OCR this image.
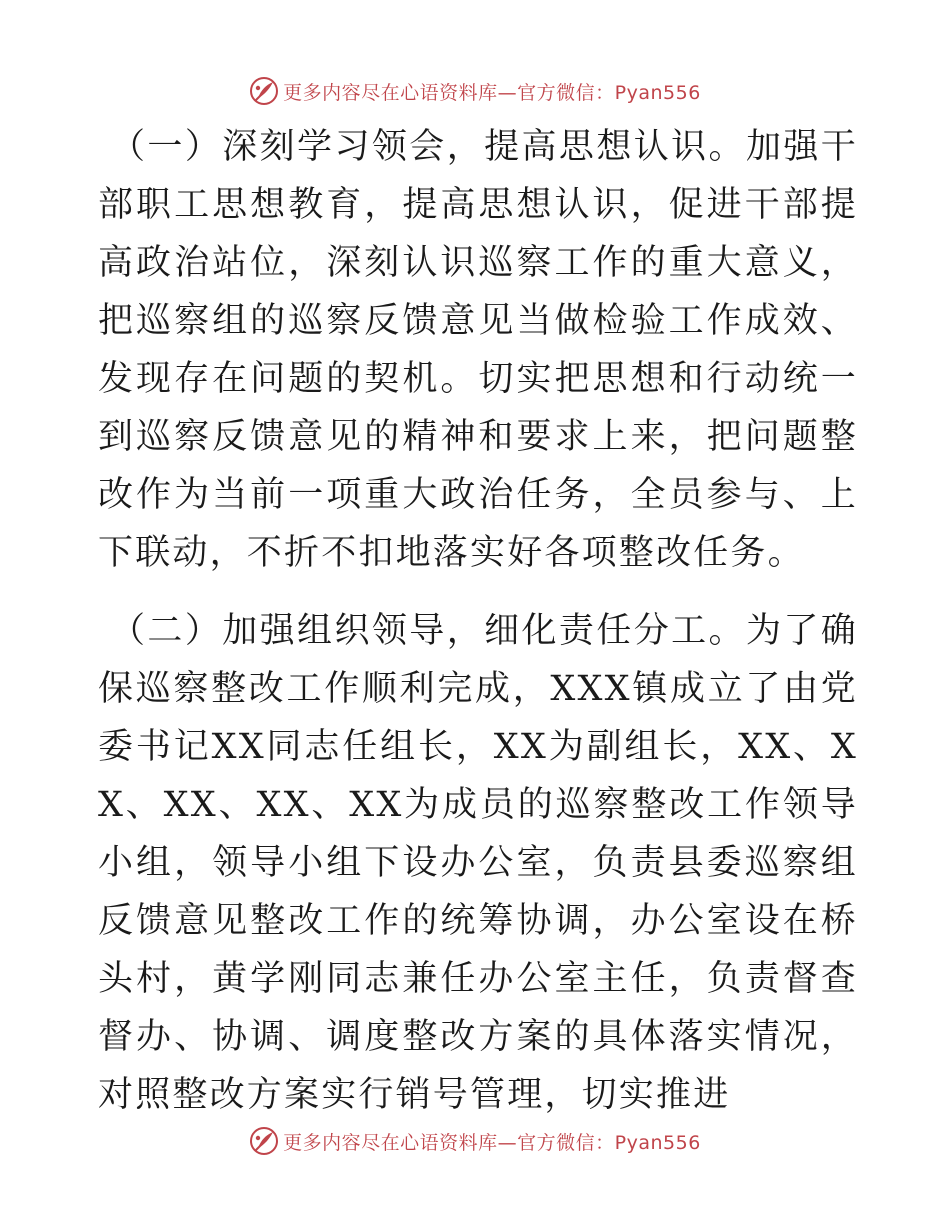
更多内容尽在心语资料库—官方微信：Pyan556

（一）深刻学习领会，提高思想认识。加强干部职工思想教育，提高思想认识，促进干部提高政治站位，深刻认识巡察工作的重大意义，把巡察组的巡察反馈意见当做检验工作成效、发现存在问题的契机。切实把思想和行动统一到巡察反馈意见的精神和要求上来，把问题整改作为当前一项重大政治任务，全员参与、上下联动，不折不扣地落实好各项整改任务。

（二）加强组织领导，细化责任分工。为了确保巡察整改工作顺利完成，XXX镇成立了由党委书记XX同志任组长，XX为副组长，XX、XX、XX、XX、XX为成员的巡察整改工作领导小组，领导小组下设办公室，负责县委巡察组反馈意见整改工作的统筹协调，办公室设在桥头村，黄学刚同志兼任办公室主任，负责督查督办、协调、调度整改方案的具体落实情况，对照整改方案实行销号管理，切实推进

更多内容尽在心语资料库—官方微信：Pyan556
